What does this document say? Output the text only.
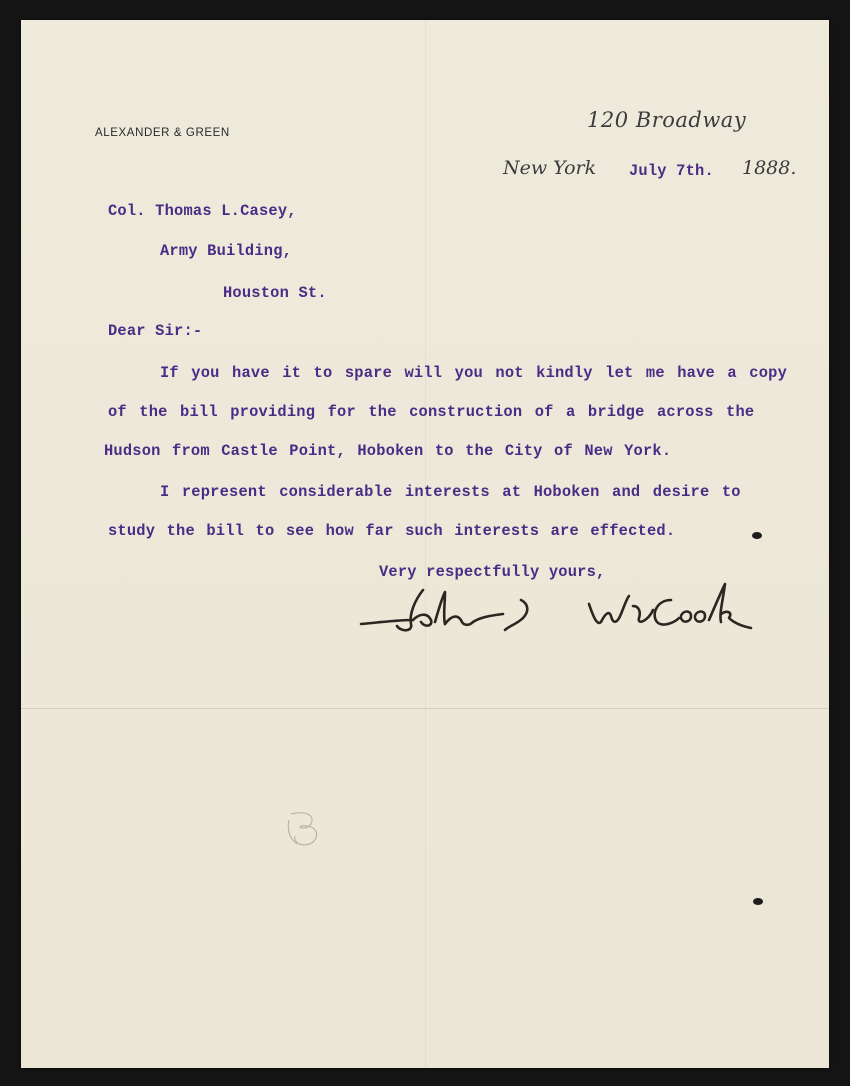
ALEXANDER & GREEN
120 Broadway
New York July 7th. 1888.
Col. Thomas L.Casey,
Army Building,
Houston St.
Dear Sir:-
If you have it to spare will you not kindly let me have a copy
of the bill providing for the construction of a bridge across the
Hudson from Castle Point, Hoboken to the City of New York.
I represent considerable interests at Hoboken and desire to
study the bill to see how far such interests are effected.
Very respectfully yours,
